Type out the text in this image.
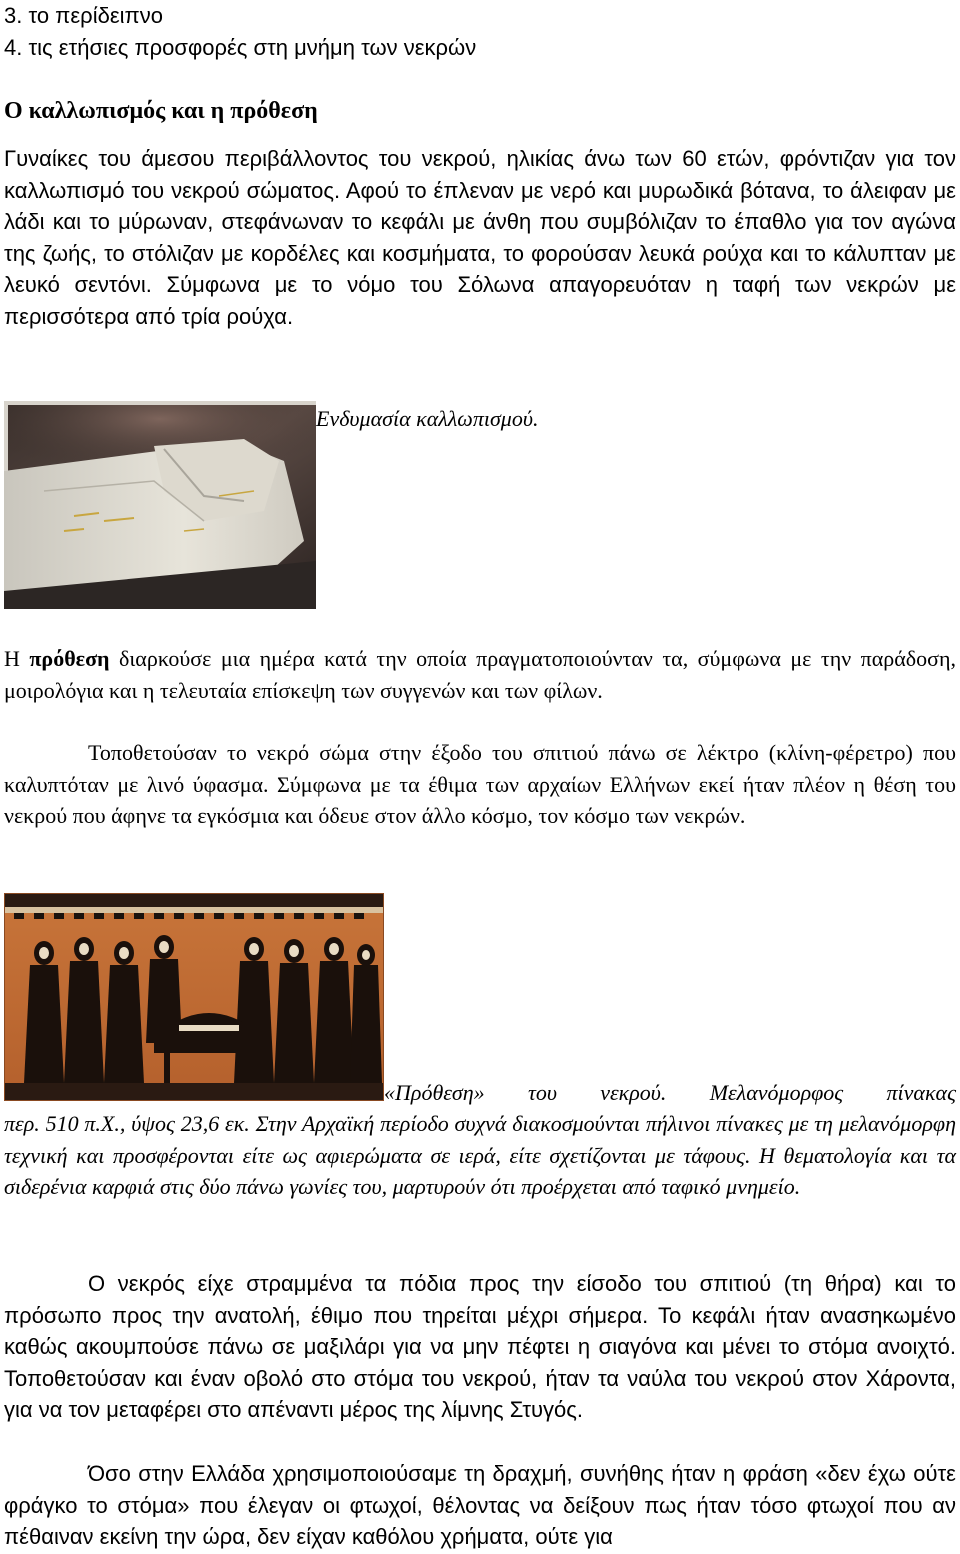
3. το περίδειπνο
4. τις ετήσιες προσφορές στη μνήμη των νεκρών
Ο καλλωπισμός και η πρόθεση

Γυναίκες του άμεσου περιβάλλοντος του νεκρού, ηλικίας άνω των 60 ετών, φρόντιζαν για τον καλλωπισμό του νεκρού σώματος. Αφού το έπλεναν με νερό και μυρωδικά βότανα, το άλειφαν με λάδι και το μύρωναν, στεφάνωναν το κεφάλι με άνθη που συμβόλιζαν το έπαθλο για τον αγώνα της ζωής, το στόλιζαν με κορδέλες και κοσμήματα, το φορούσαν λευκά ρούχα και το κάλυπταν με λευκό σεντόνι. Σύμφωνα με το νόμο του Σόλωνα απαγορευόταν η ταφή των νεκρών με περισσότερα από τρία ρούχα.

Ενδυμασία καλλωπισμού.

Η πρόθεση διαρκούσε μια ημέρα κατά την οποία πραγματοποιούνταν τα, σύμφωνα με την παράδοση, μοιρολόγια και η τελευταία επίσκεψη των συγγενών και των φίλων.

Τοποθετούσαν το νεκρό σώμα στην έξοδο του σπιτιού πάνω σε λέκτρο (κλίνη-φέρετρο) που καλυπτόταν με λινό ύφασμα. Σύμφωνα με τα έθιμα των αρχαίων Ελλήνων εκεί ήταν πλέον η θέση του νεκρού που άφηνε τα εγκόσμια και όδευε στον άλλο κόσμο, τον κόσμο των νεκρών.

«Πρόθεση» του νεκρού. Μελανόμορφος πίνακας

περ. 510 π.Χ., ύψος 23,6 εκ. Στην Αρχαϊκή περίοδο συχνά διακοσμούνται πήλινοι πίνακες με τη μελανόμορφη τεχνική και προσφέρονται είτε ως αφιερώματα σε ιερά, είτε σχετίζονται με τάφους. Η θεματολογία και τα σιδερένια καρφιά στις δύο πάνω γωνίες του, μαρτυρούν ότι προέρχεται από ταφικό μνημείο.

Ο νεκρός είχε στραμμένα τα πόδια προς την είσοδο του σπιτιού (τη θήρα) και το πρόσωπο προς την ανατολή, έθιμο που τηρείται μέχρι σήμερα. Το κεφάλι ήταν ανασηκωμένο καθώς ακουμπούσε πάνω σε μαξιλάρι για να μην πέφτει η σιαγόνα και μένει το στόμα ανοιχτό. Τοποθετούσαν και έναν οβολό στο στόμα του νεκρού, ήταν τα ναύλα του νεκρού στον Χάροντα, για να τον μεταφέρει στο απέναντι μέρος της λίμνης Στυγός.

Όσο στην Ελλάδα χρησιμοποιούσαμε τη δραχμή, συνήθης ήταν η φράση «δεν έχω ούτε φράγκο το στόμα» που έλεγαν οι φτωχοί, θέλοντας να δείξουν πως ήταν τόσο φτωχοί που αν πέθαιναν εκείνη την ώρα, δεν είχαν καθόλου χρήματα, ούτε για
